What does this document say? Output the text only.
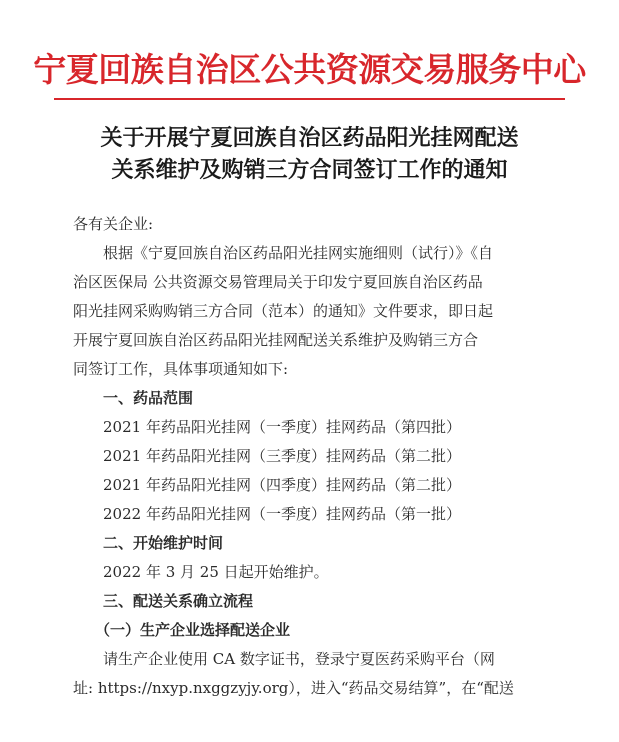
宁夏回族自治区公共资源交易服务中心
关于开展宁夏回族自治区药品阳光挂网配送
关系维护及购销三方合同签订工作的通知
各有关企业:
根据《宁夏回族自治区药品阳光挂网实施细则（试行）》《自
治区医保局 公共资源交易管理局关于印发宁夏回族自治区药品
阳光挂网采购购销三方合同（范本）的通知》文件要求，即日起
开展宁夏回族自治区药品阳光挂网配送关系维护及购销三方合
同签订工作，具体事项通知如下:
一、药品范围
2021 年药品阳光挂网（一季度）挂网药品（第四批）
2021 年药品阳光挂网（三季度）挂网药品（第二批）
2021 年药品阳光挂网（四季度）挂网药品（第二批）
2022 年药品阳光挂网（一季度）挂网药品（第一批）
二、开始维护时间
2022 年 3 月 25 日起开始维护。
三、配送关系确立流程
（一）生产企业选择配送企业
请生产企业使用 CA 数字证书，登录宁夏医药采购平台（网
址: https://nxyp.nxggzyjy.org），进入“药品交易结算”，在“配送
